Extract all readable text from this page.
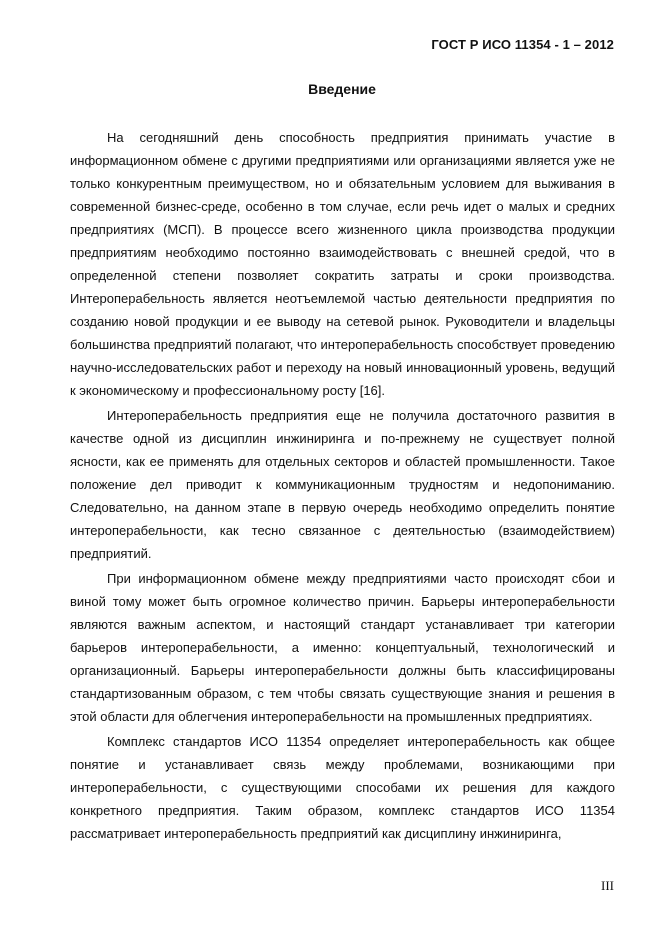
ГОСТ Р ИСО 11354 - 1 – 2012
Введение

На сегодняшний день способность предприятия принимать участие в информационном обмене с другими предприятиями или организациями является уже не только конкурентным преимуществом, но и обязательным условием для выживания в современной бизнес-среде, особенно в том случае, если речь идет о малых и средних предприятиях (МСП). В процессе всего жизненного цикла производства продукции предприятиям необходимо постоянно взаимодействовать с внешней средой, что в определенной степени позволяет сократить затраты и сроки производства. Интероперабельность является неотъемлемой частью деятельности предприятия по созданию новой продукции и ее выводу на сетевой рынок. Руководители и владельцы большинства предприятий полагают, что интероперабельность способствует проведению научно-исследовательских работ и переходу на новый инновационный уровень, ведущий к экономическому и профессиональному росту [16].

Интероперабельность предприятия еще не получила достаточного развития в качестве одной из дисциплин инжиниринга и по-прежнему не существует полной ясности, как ее применять для отдельных секторов и областей промышленности. Такое положение дел приводит к коммуникационным трудностям и недопониманию. Следовательно, на данном этапе в первую очередь необходимо определить понятие интероперабельности, как тесно связанное с деятельностью (взаимодействием) предприятий.

При информационном обмене между предприятиями часто происходят сбои и виной тому может быть огромное количество причин. Барьеры интероперабельности являются важным аспектом, и настоящий стандарт устанавливает три категории барьеров интероперабельности, а именно: концептуальный, технологический и организационный. Барьеры интероперабельности должны быть классифицированы стандартизованным образом, с тем чтобы связать существующие знания и решения в этой области для облегчения интероперабельности на промышленных предприятиях.

Комплекс стандартов ИСО 11354 определяет интероперабельность как общее понятие и устанавливает связь между проблемами, возникающими при интероперабельности, с существующими способами их решения для каждого конкретного предприятия. Таким образом, комплекс стандартов ИСО 11354 рассматривает интероперабельность предприятий как дисциплину инжиниринга,

III
